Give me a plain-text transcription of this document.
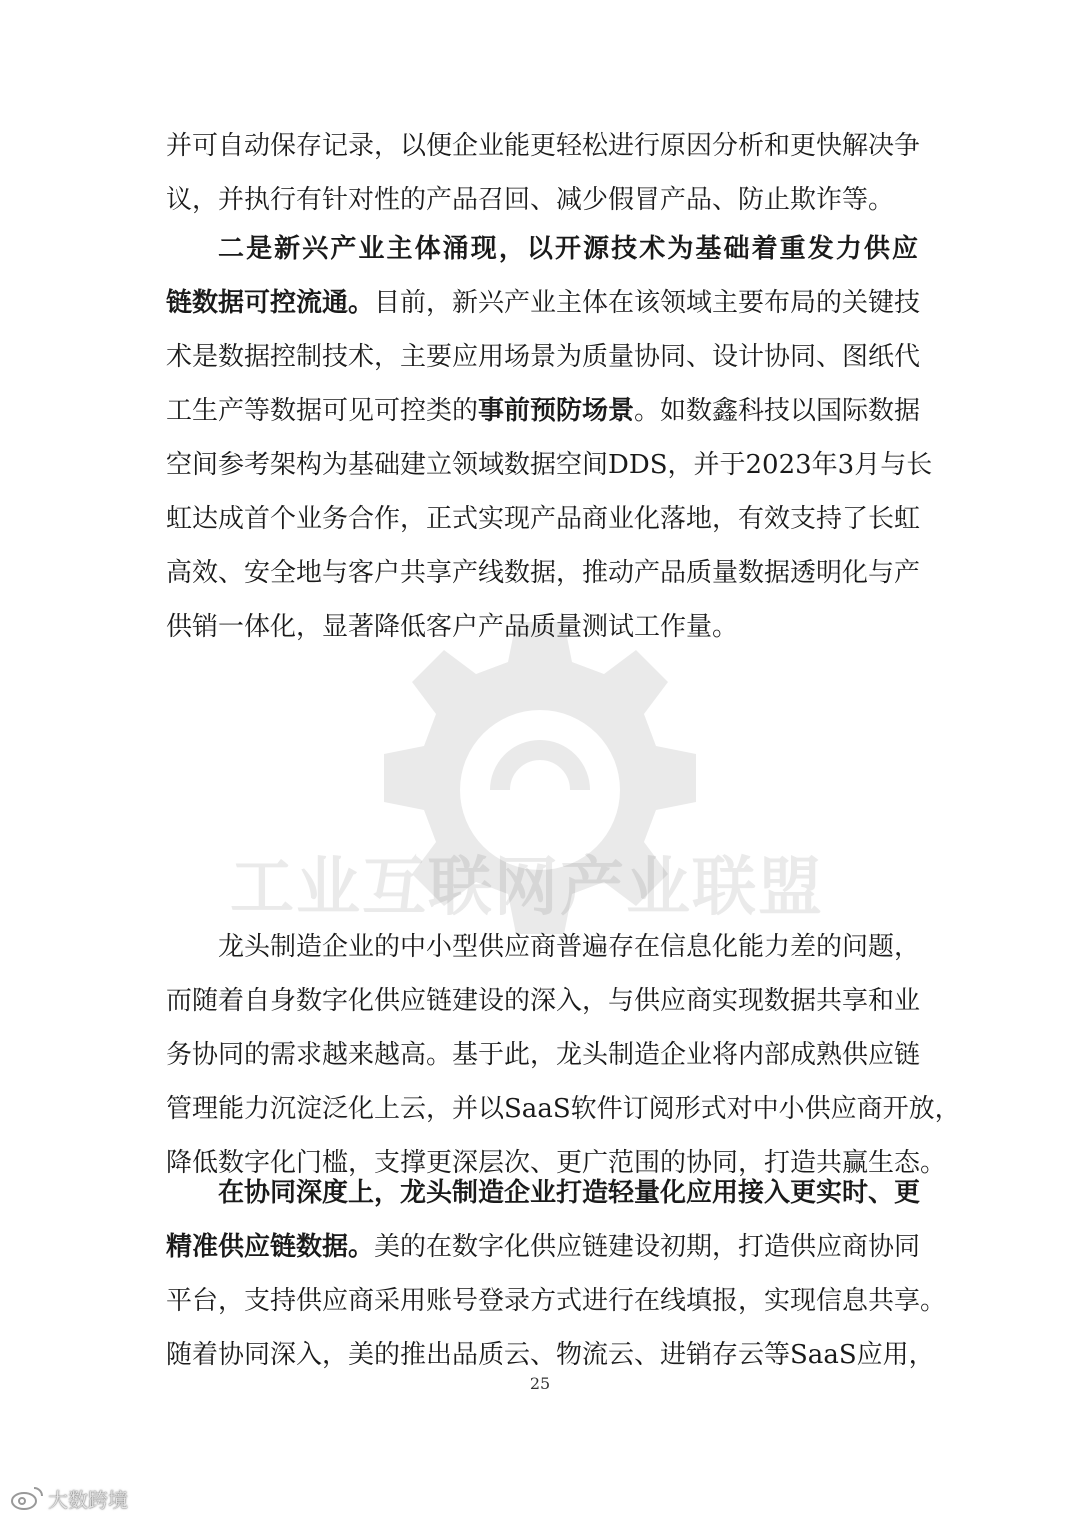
工业互联网产业联盟
并可自动保存记录，以便企业能更轻松进行原因分析和更快解决争
议，并执行有针对性的产品召回、减少假冒产品、防止欺诈等。
二是新兴产业主体涌现，以开源技术为基础着重发力供应
链数据可控流通。目前，新兴产业主体在该领域主要布局的关键技
术是数据控制技术，主要应用场景为质量协同、设计协同、图纸代
工生产等数据可见可控类的事前预防场景。如数鑫科技以国际数据
空间参考架构为基础建立领域数据空间DDS，并于2023年3月与长
虹达成首个业务合作，正式实现产品商业化落地，有效支持了长虹
高效、安全地与客户共享产线数据，推动产品质量数据透明化与产
供销一体化，显著降低客户产品质量测试工作量。
龙头制造企业的中小型供应商普遍存在信息化能力差的问题，
而随着自身数字化供应链建设的深入，与供应商实现数据共享和业
务协同的需求越来越高。基于此，龙头制造企业将内部成熟供应链
管理能力沉淀泛化上云，并以SaaS软件订阅形式对中小供应商开放，
降低数字化门槛，支撑更深层次、更广范围的协同，打造共赢生态。
在协同深度上，龙头制造企业打造轻量化应用接入更实时、更
精准供应链数据。美的在数字化供应链建设初期，打造供应商协同
平台，支持供应商采用账号登录方式进行在线填报，实现信息共享。
随着协同深入，美的推出品质云、物流云、进销存云等SaaS应用，
25
大数跨境
